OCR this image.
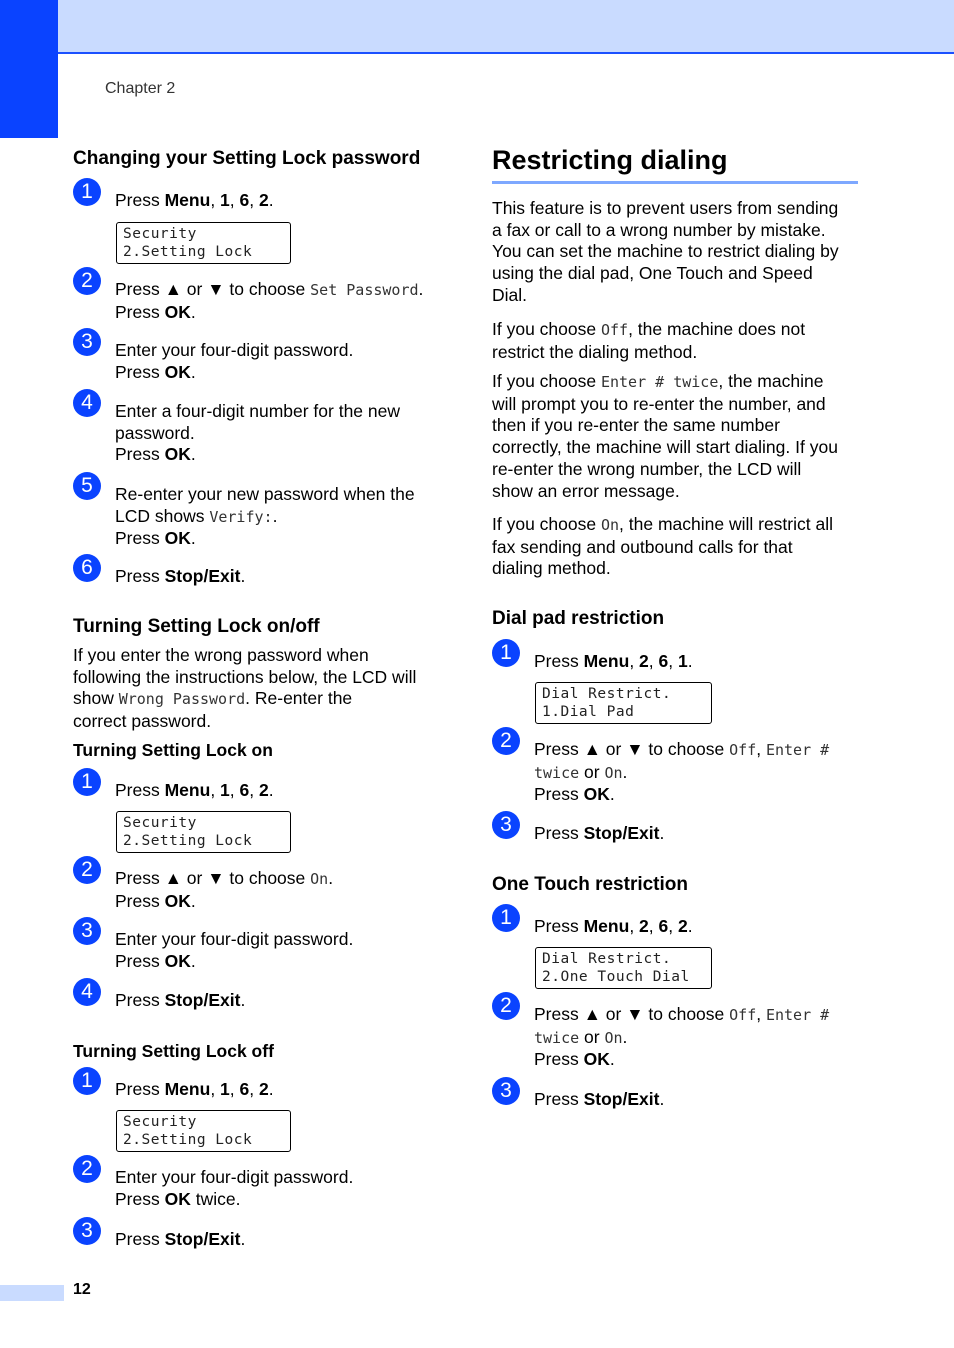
Chapter 2
Changing your Setting Lock password
1	Press Menu, 1, 6, 2.

Security
2.Setting Lock
2	Press ▲ or ▼ to choose Set Password.

Press OK.

3	Enter your four-digit password.

Press OK.

4	Enter a four-digit number for the new

password.

Press OK.

5	Re-enter your new password when the

LCD shows Verify:.

Press OK.

6	Press Stop/Exit.

Turning Setting Lock on/off
If you enter the wrong password when
following the instructions below, the LCD will
show Wrong Password. Re-enter the
correct password.
Turning Setting Lock on
1	Press Menu, 1, 6, 2.

Security
2.Setting Lock
2	Press ▲ or ▼ to choose On.

Press OK.

3	Enter your four-digit password.

Press OK.

4	Press Stop/Exit.

Turning Setting Lock off
1	Press Menu, 1, 6, 2.

Security
2.Setting Lock
2	Enter your four-digit password.

Press OK twice.

3	Press Stop/Exit.

Restricting dialing
This feature is to prevent users from sending
a fax or call to a wrong number by mistake.
You can set the machine to restrict dialing by
using the dial pad, One Touch and Speed
Dial.
If you choose Off, the machine does not
restrict the dialing method.
If you choose Enter # twice, the machine
will prompt you to re-enter the number, and
then if you re-enter the same number
correctly, the machine will start dialing. If you
re-enter the wrong number, the LCD will
show an error message.
If you choose On, the machine will restrict all
fax sending and outbound calls for that
dialing method.
Dial pad restriction
1	Press Menu, 2, 6, 1.

Dial Restrict.
1.Dial Pad
2	Press ▲ or ▼ to choose Off, Enter #

twice or On.

Press OK.

3	Press Stop/Exit.

One Touch restriction
1	Press Menu, 2, 6, 2.

Dial Restrict.
2.One Touch Dial
2	Press ▲ or ▼ to choose Off, Enter #

twice or On.

Press OK.

3	Press Stop/Exit.

12
